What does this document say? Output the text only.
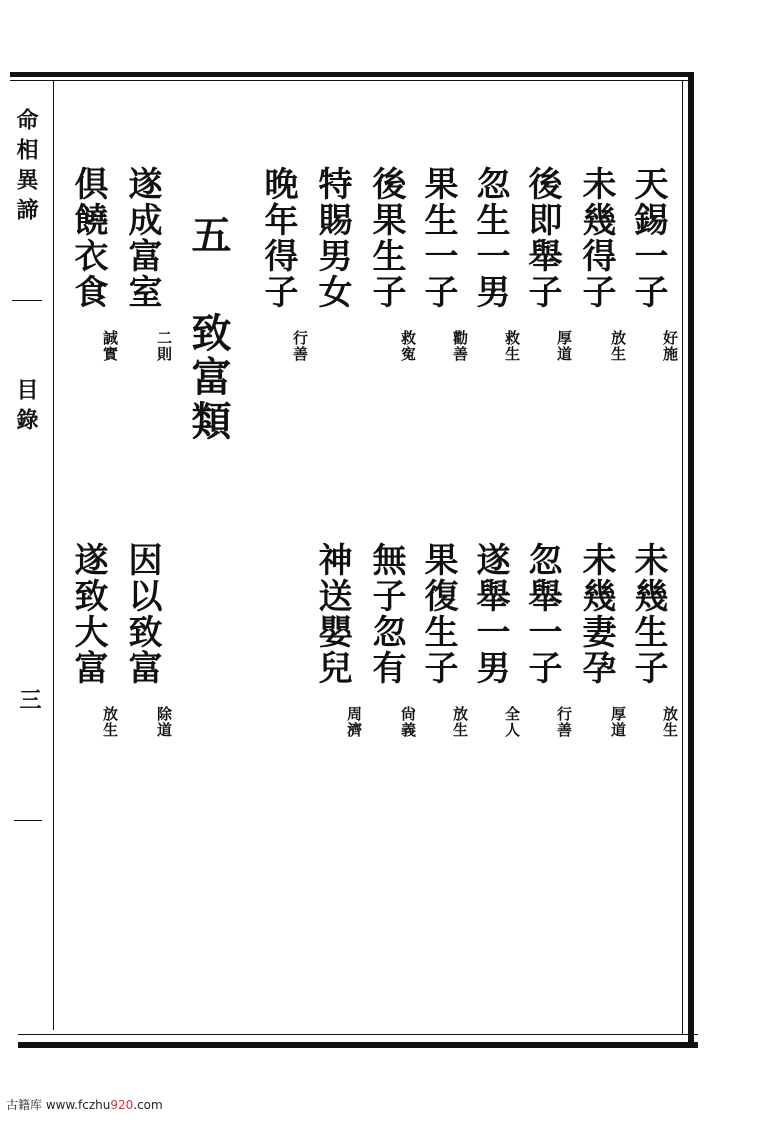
命相異諦
目錄
三
天錫一子
好施
未幾得子
放生
後即舉子
厚道
忽生一男
救生
果生一子
勸善
後果生子
救寃
特賜男女
晚年得子
行善
遂成富室
二則
俱饒衣食
誠實
五
致富類
未幾生子
放生
未幾妻孕
厚道
忽舉一子
行善
遂舉一男
全人
果復生子
放生
無子忽有
尙義
神送嬰兒
周濟
因以致富
除道
遂致大富
放生
古籍库 www.fczhu920.com
